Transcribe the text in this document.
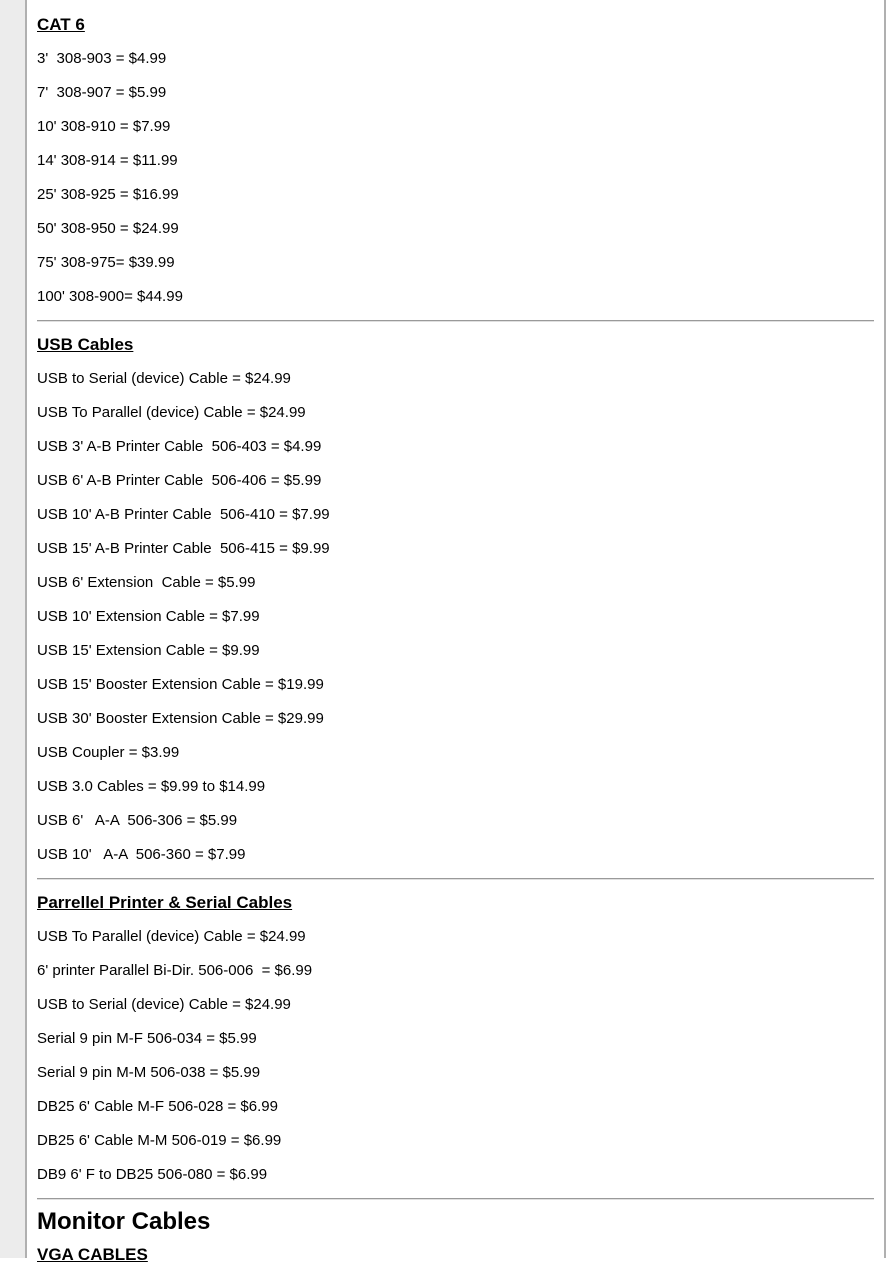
CAT 6
3'  308-903 = $4.99
7'  308-907 = $5.99
10' 308-910 = $7.99
14' 308-914 = $11.99
25' 308-925 = $16.99
50' 308-950 = $24.99
75' 308-975= $39.99
100' 308-900= $44.99
USB Cables
USB to Serial (device) Cable = $24.99
USB To Parallel (device) Cable = $24.99
USB 3' A-B Printer Cable  506-403 = $4.99
USB 6' A-B Printer Cable  506-406 = $5.99
USB 10' A-B Printer Cable  506-410 = $7.99
USB 15' A-B Printer Cable  506-415 = $9.99
USB 6' Extension  Cable = $5.99
USB 10' Extension Cable = $7.99
USB 15' Extension Cable = $9.99
USB 15' Booster Extension Cable = $19.99
USB 30' Booster Extension Cable = $29.99
USB Coupler = $3.99
USB 3.0 Cables = $9.99 to $14.99
USB 6'   A-A  506-306 = $5.99
USB 10'   A-A  506-360 = $7.99
Parrellel Printer & Serial Cables
USB To Parallel (device) Cable = $24.99
6' printer Parallel Bi-Dir. 506-006  = $6.99
USB to Serial (device) Cable = $24.99
Serial 9 pin M-F 506-034 = $5.99
Serial 9 pin M-M 506-038 = $5.99
DB25 6' Cable M-F 506-028 = $6.99
DB25 6' Cable M-M 506-019 = $6.99
DB9 6' F to DB25 506-080 = $6.99
Monitor Cables
VGA CABLES
